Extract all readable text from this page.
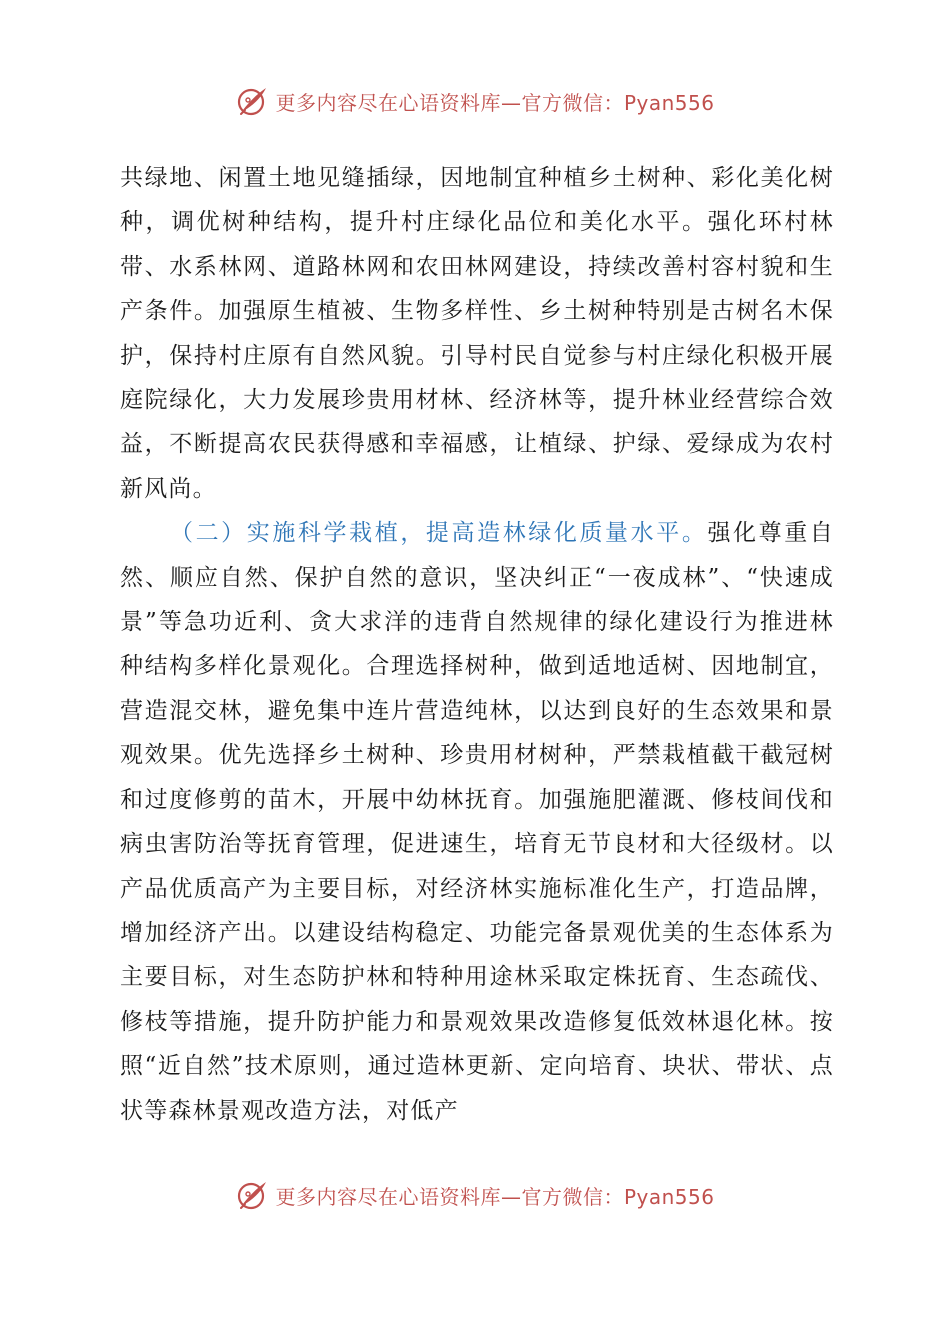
更多内容尽在心语资料库—官方微信：Pyan556

共绿地、闲置土地见缝插绿，因地制宜种植乡土树种、彩化美化树种，调优树种结构，提升村庄绿化品位和美化水平。强化环村林带、水系林网、道路林网和农田林网建设，持续改善村容村貌和生产条件。加强原生植被、生物多样性、乡土树种特别是古树名木保护，保持村庄原有自然风貌。引导村民自觉参与村庄绿化积极开展庭院绿化，大力发展珍贵用材林、经济林等，提升林业经营综合效益，不断提高农民获得感和幸福感，让植绿、护绿、爱绿成为农村新风尚。

（二）实施科学栽植，提高造林绿化质量水平。强化尊重自然、顺应自然、保护自然的意识，坚决纠正“一夜成林”、“快速成景”等急功近利、贪大求洋的违背自然规律的绿化建设行为推进林种结构多样化景观化。合理选择树种，做到适地适树、因地制宜，营造混交林，避免集中连片营造纯林，以达到良好的生态效果和景观效果。优先选择乡土树种、珍贵用材树种，严禁栽植截干截冠树和过度修剪的苗木，开展中幼林抚育。加强施肥灌溉、修枝间伐和病虫害防治等抚育管理，促进速生，培育无节良材和大径级材。以产品优质高产为主要目标，对经济林实施标准化生产，打造品牌，增加经济产出。以建设结构稳定、功能完备景观优美的生态体系为主要目标，对生态防护林和特种用途林采取定株抚育、生态疏伐、修枝等措施，提升防护能力和景观效果改造修复低效林退化林。按照“近自然”技术原则，通过造林更新、定向培育、块状、带状、点状等森林景观改造方法，对低产

更多内容尽在心语资料库—官方微信：Pyan556
